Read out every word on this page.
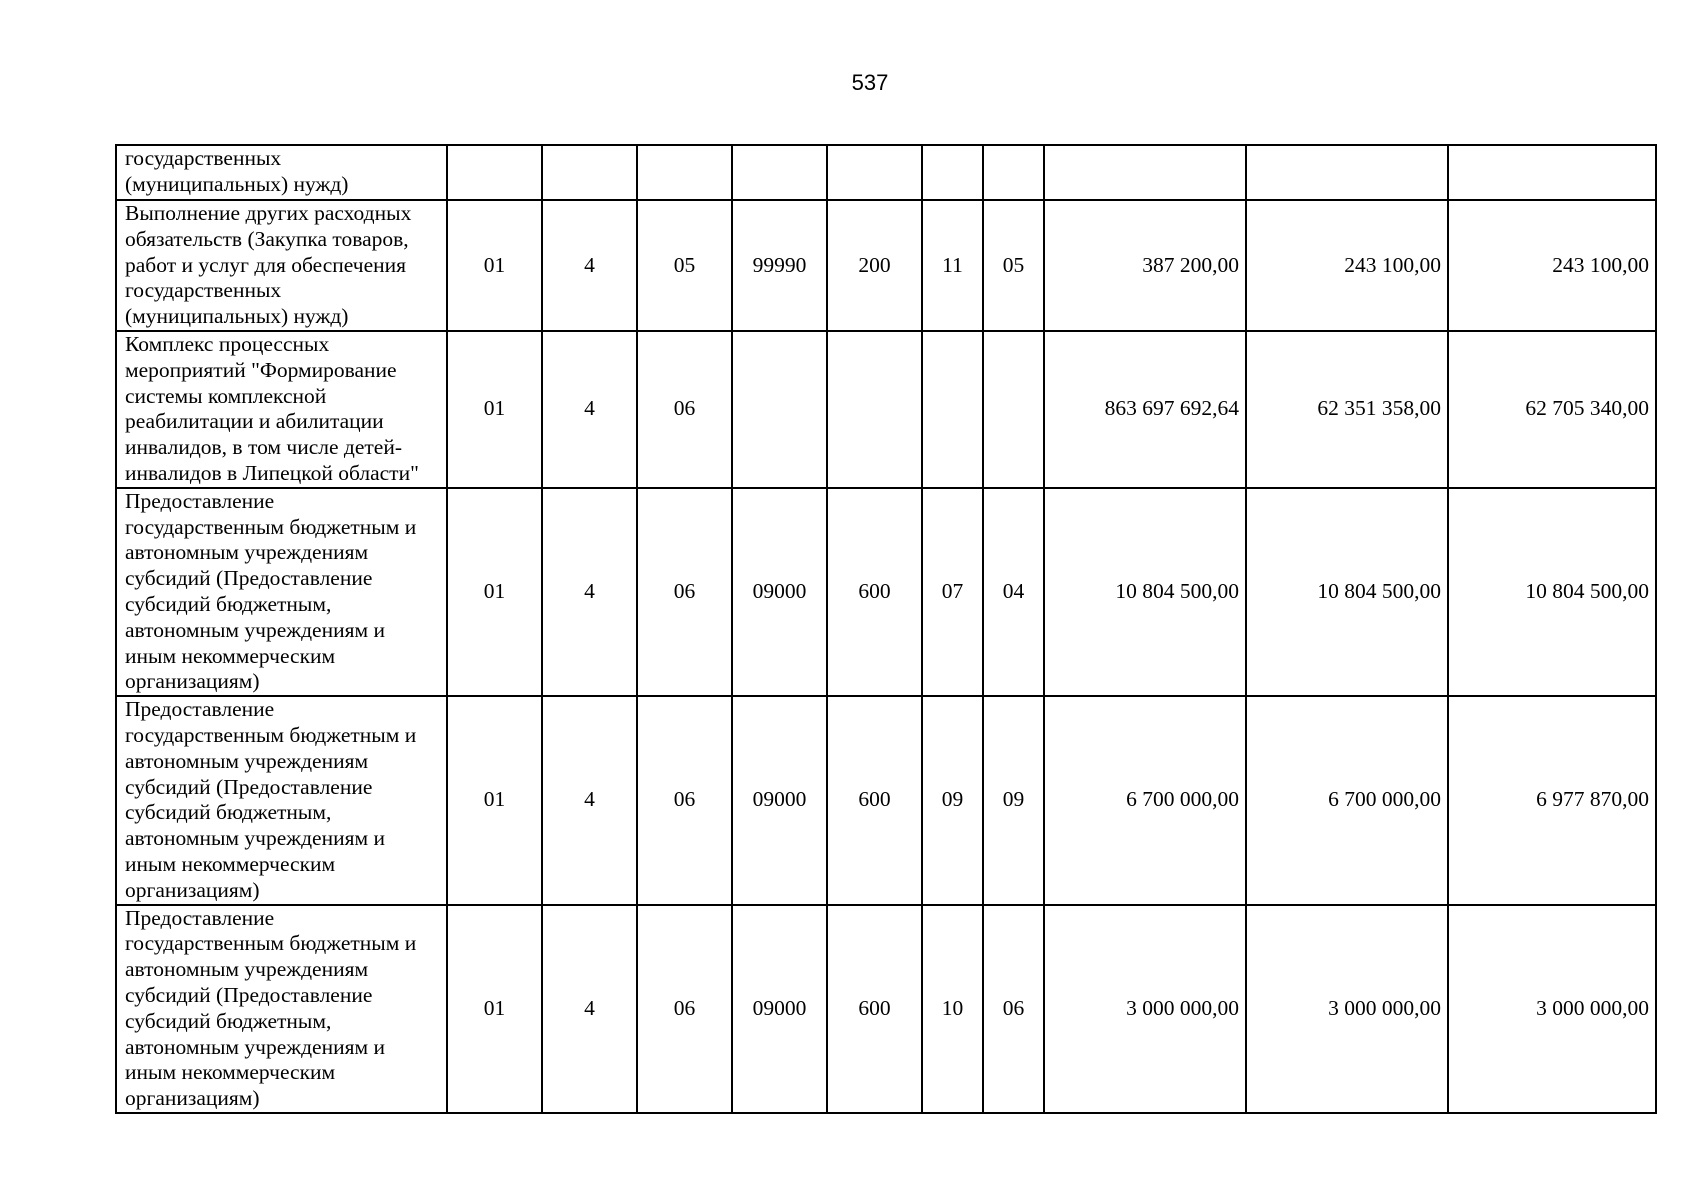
537
государственных (муниципальных) нужд)										
Выполнение других расходных обязательств (Закупка товаров, работ и услуг для обеспечения государственных (муниципальных) нужд)	01	4	05	99990	200	11	05	387 200,00	243 100,00	243 100,00
Комплекс процессных мероприятий "Формирование системы комплексной реабилитации и абилитации инвалидов, в том числе детей-инвалидов в Липецкой области"	01	4	06					863 697 692,64	62 351 358,00	62 705 340,00
Предоставление государственным бюджетным и автономным учреждениям субсидий (Предоставление субсидий бюджетным, автономным учреждениям и иным некоммерческим организациям)	01	4	06	09000	600	07	04	10 804 500,00	10 804 500,00	10 804 500,00
Предоставление государственным бюджетным и автономным учреждениям субсидий (Предоставление субсидий бюджетным, автономным учреждениям и иным некоммерческим организациям)	01	4	06	09000	600	09	09	6 700 000,00	6 700 000,00	6 977 870,00
Предоставление государственным бюджетным и автономным учреждениям субсидий (Предоставление субсидий бюджетным, автономным учреждениям и иным некоммерческим организациям)	01	4	06	09000	600	10	06	3 000 000,00	3 000 000,00	3 000 000,00
